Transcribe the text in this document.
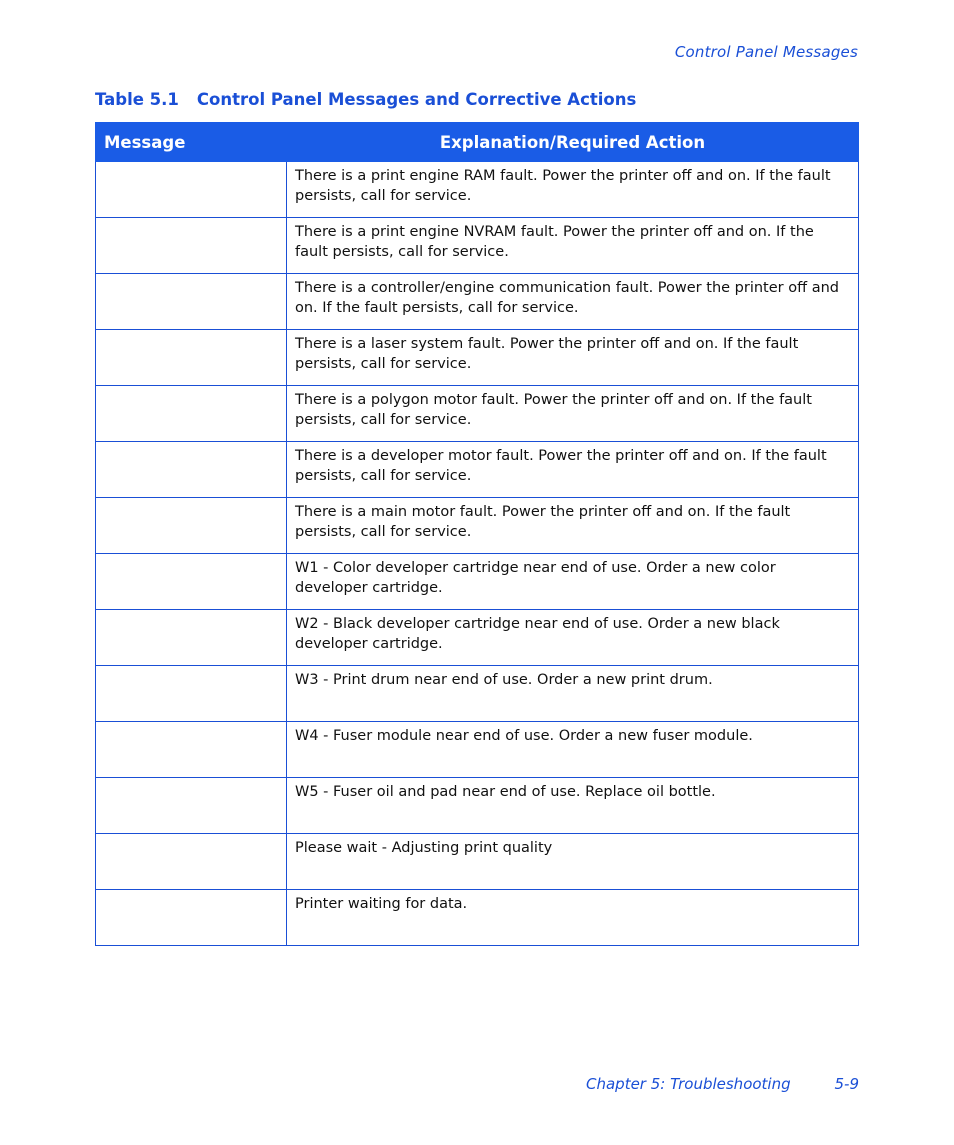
Control Panel Messages
Table 5.1 Control Panel Messages and Corrective Actions
Message	Explanation/Required Action
	There is a print engine RAM fault. Power the printer off and on. If the fault persists, call for service.
	There is a print engine NVRAM fault. Power the printer off and on. If the fault persists, call for service.
	There is a controller/engine communication fault. Power the printer off and on. If the fault persists, call for service.
	There is a laser system fault. Power the printer off and on. If the fault persists, call for service.
	There is a polygon motor fault. Power the printer off and on. If the fault persists, call for service.
	There is a developer motor fault. Power the printer off and on. If the fault persists, call for service.
	There is a main motor fault. Power the printer off and on. If the fault persists, call for service.
	W1 - Color developer cartridge near end of use. Order a new color developer cartridge.
	W2 - Black developer cartridge near end of use. Order a new black developer cartridge.
	W3 - Print drum near end of use. Order a new print drum.
	W4 - Fuser module near end of use. Order a new fuser module.
	W5 - Fuser oil and pad near end of use. Replace oil bottle.
	Please wait - Adjusting print quality
	Printer waiting for data.
Chapter 5: Troubleshooting	5-9
